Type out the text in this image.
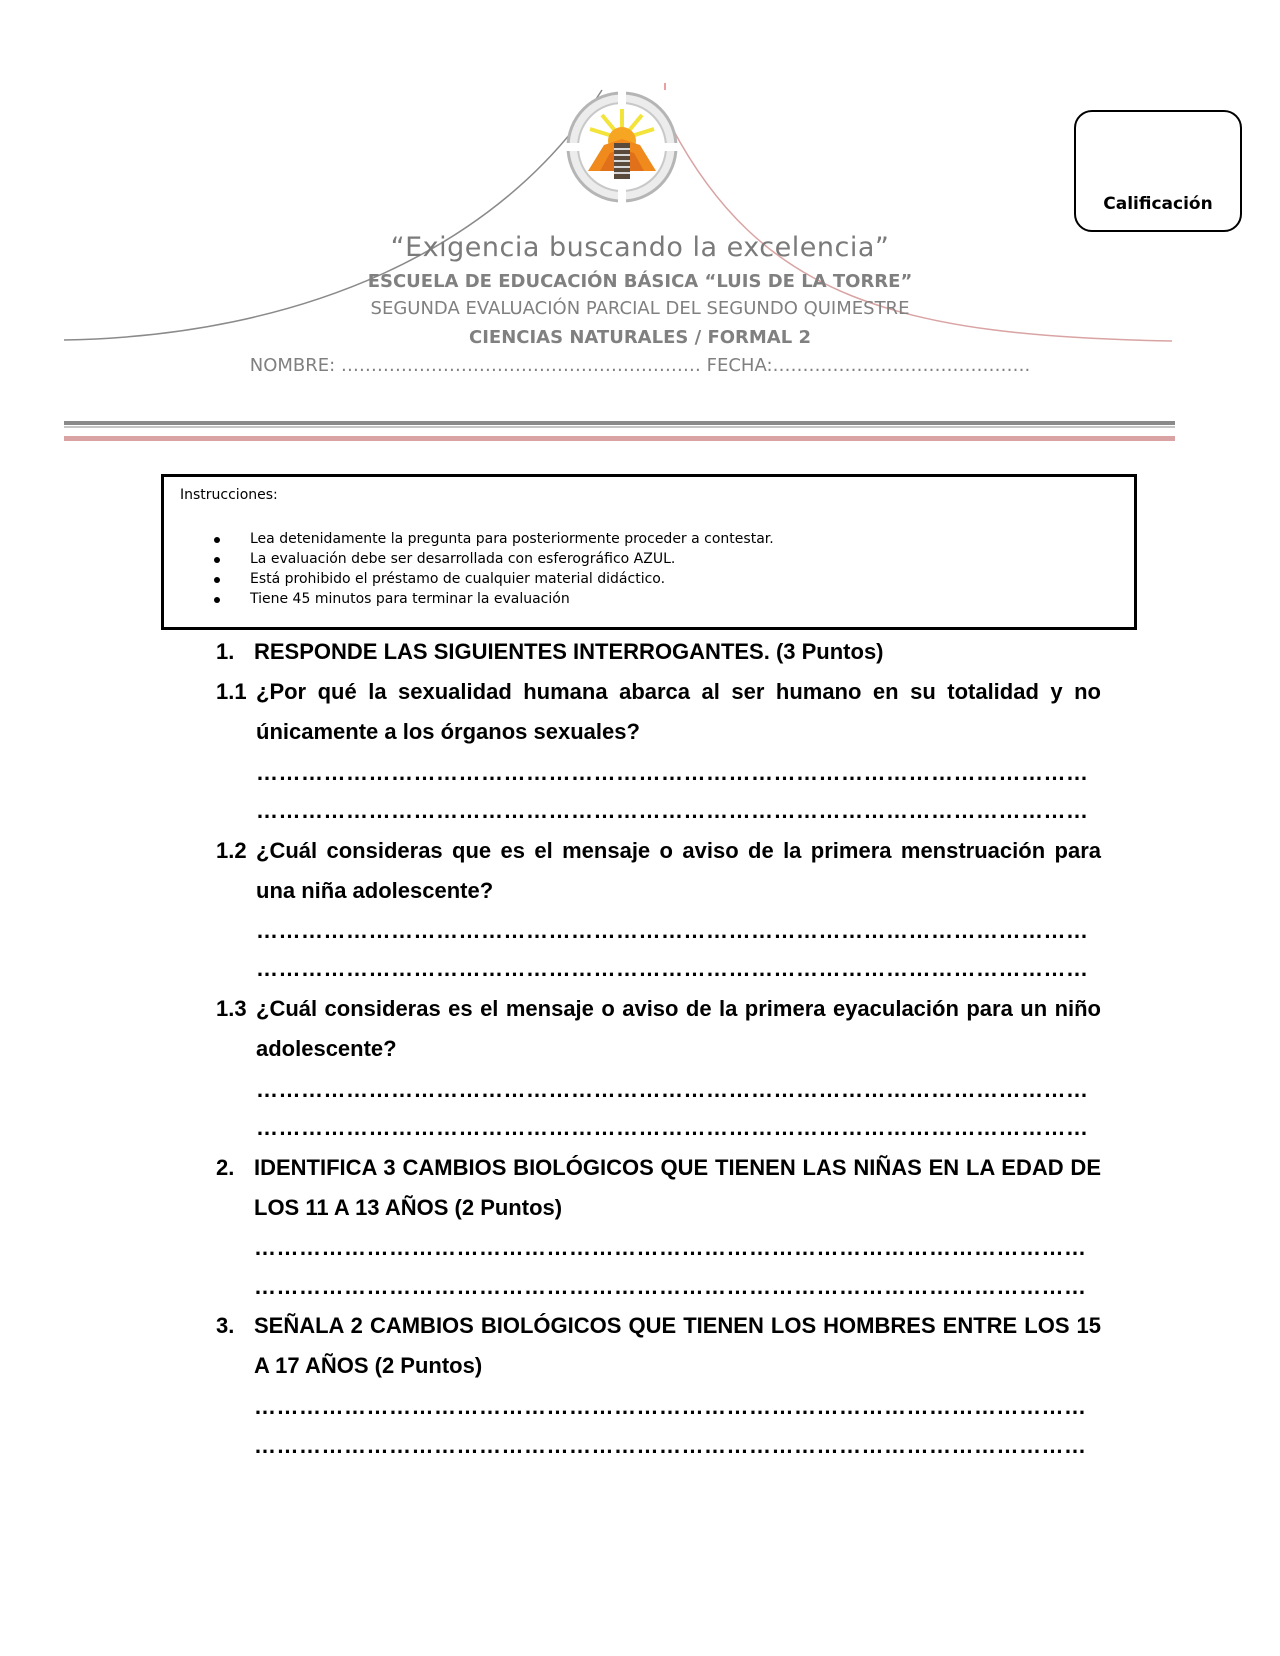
Calificación
“Exigencia buscando la excelencia”
ESCUELA DE EDUCACIÓN BÁSICA “LUIS DE LA TORRE”
SEGUNDA EVALUACIÓN PARCIAL DEL SEGUNDO QUIMESTRE
CIENCIAS NATURALES / FORMAL 2
NOMBRE: …………………………………………………… FECHA:…………………………………….
Instrucciones:
Lea detenidamente la pregunta para posteriormente proceder a contestar.
La evaluación debe ser desarrollada con esferográfico AZUL.
Está prohibido el préstamo de cualquier material didáctico.
Tiene 45 minutos para terminar la evaluación
1. RESPONDE LAS SIGUIENTES INTERROGANTES. (3 Puntos)
1.1 ¿Por qué la sexualidad humana abarca al ser humano en su totalidad y no únicamente a los órganos sexuales?
…………………………………………………………………………………………………
…………………………………………………………………………………………………
1.2 ¿Cuál consideras que es el mensaje o aviso de la primera menstruación para una niña adolescente?
…………………………………………………………………………………………………
…………………………………………………………………………………………………
1.3 ¿Cuál consideras es el mensaje o aviso de la primera eyaculación para un niño adolescente?
…………………………………………………………………………………………………
…………………………………………………………………………………………………
2. IDENTIFICA 3 CAMBIOS BIOLÓGICOS QUE TIENEN LAS NIÑAS EN LA EDAD DE LOS 11 A 13 AÑOS (2 Puntos)
…………………………………………………………………………………………………
…………………………………………………………………………………………………
3. SEÑALA 2 CAMBIOS BIOLÓGICOS QUE TIENEN LOS HOMBRES ENTRE LOS 15 A 17 AÑOS (2 Puntos)
…………………………………………………………………………………………………
…………………………………………………………………………………………………
